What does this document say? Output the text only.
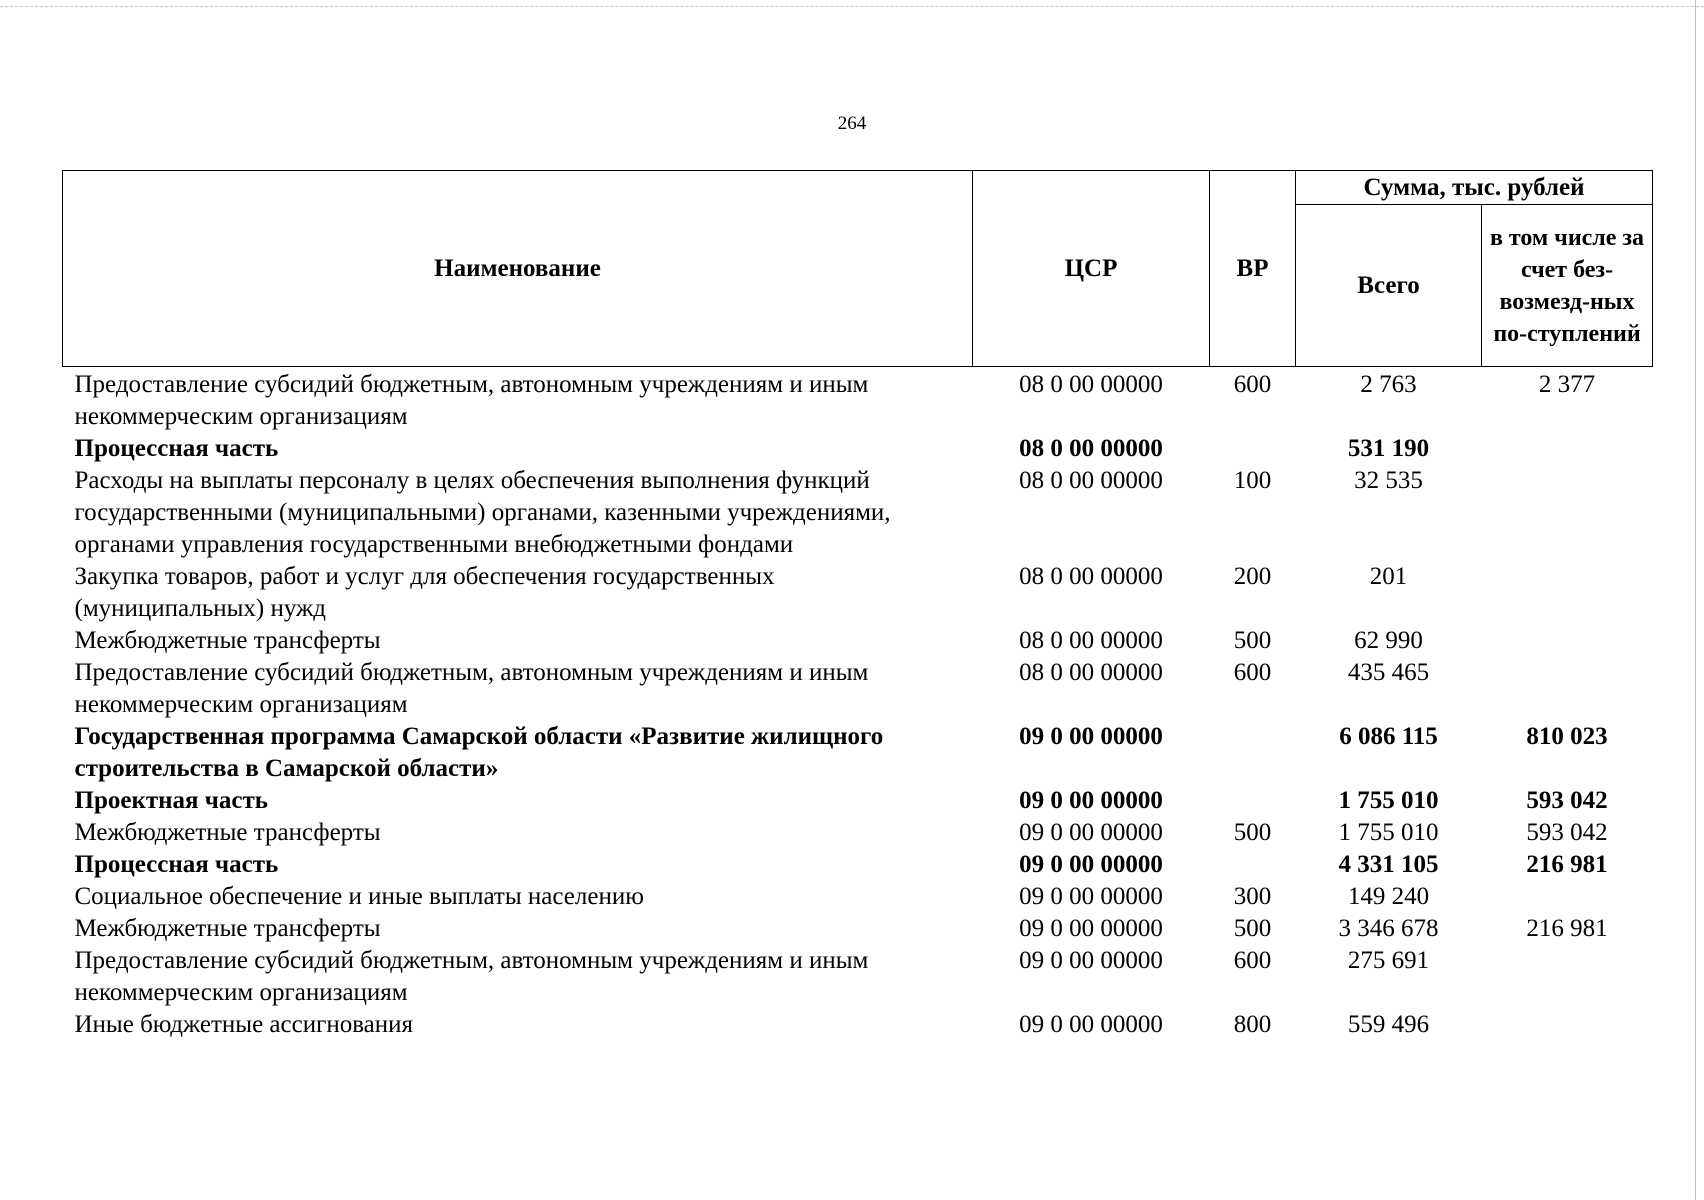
264
Наименование	ЦСР	ВР	Сумма, тыс. рублей	
			Всего	в том числе за счет без-возмезд-ных по-ступлений
Предоставление субсидий бюджетным, автономным учреждениям и иным некоммерческим организациям	08 0 00 00000	600	2 763	2 377
Процессная часть	08 0 00 00000		531 190	
Расходы на выплаты персоналу в целях обеспечения выполнения функций государственными (муниципальными) органами, казенными учреждениями, органами управления государственными внебюджетными фондами	08 0 00 00000	100	32 535	
Закупка товаров, работ и услуг для обеспечения государственных (муниципальных) нужд	08 0 00 00000	200	201	
Межбюджетные трансферты	08 0 00 00000	500	62 990	
Предоставление субсидий бюджетным, автономным учреждениям и иным некоммерческим организациям	08 0 00 00000	600	435 465	
Государственная программа Самарской области «Развитие жилищного строительства в Самарской области»	09 0 00 00000		6 086 115	810 023
Проектная часть	09 0 00 00000		1 755 010	593 042
Межбюджетные трансферты	09 0 00 00000	500	1 755 010	593 042
Процессная часть	09 0 00 00000		4 331 105	216 981
Социальное обеспечение и иные выплаты населению	09 0 00 00000	300	149 240	
Межбюджетные трансферты	09 0 00 00000	500	3 346 678	216 981
Предоставление субсидий бюджетным, автономным учреждениям и иным некоммерческим организациям	09 0 00 00000	600	275 691	
Иные бюджетные ассигнования	09 0 00 00000	800	559 496	
